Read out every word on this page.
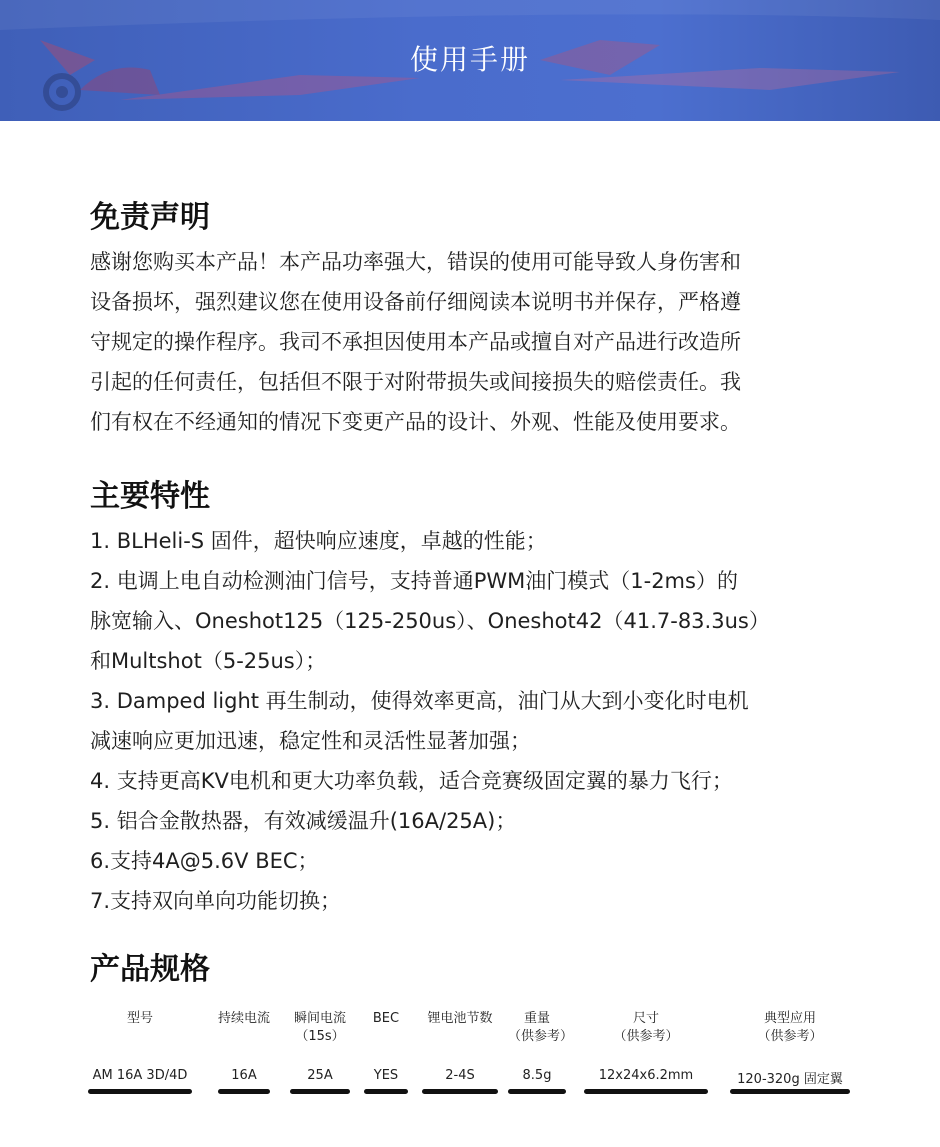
使用手册
免责声明

感谢您购买本产品！本产品功率强大，错误的使用可能导致人身伤害和
设备损坏，强烈建议您在使用设备前仔细阅读本说明书并保存，严格遵
守规定的操作程序。我司不承担因使用本产品或擅自对产品进行改造所
引起的任何责任，包括但不限于对附带损失或间接损失的赔偿责任。我
们有权在不经通知的情况下变更产品的设计、外观、性能及使用要求。

主要特性

1. BLHeli-S 固件，超快响应速度，卓越的性能；
2. 电调上电自动检测油门信号，支持普通PWM油门模式（1-2ms）的
脉宽输入、Oneshot125（125-250us）、Oneshot42（41.7-83.3us）
和Multshot（5-25us）；
3. Damped light 再生制动，使得效率更高，油门从大到小变化时电机
减速响应更加迅速，稳定性和灵活性显著加强；
4. 支持更高KV电机和更大功率负载，适合竞赛级固定翼的暴力飞行；
5. 铝合金散热器，有效减缓温升(16A/25A)；
6.支持4A@5.6V BEC；
7.支持双向单向功能切换；

产品规格
型号
AM 16A 3D/4D
持续电流
16A
瞬间电流
（15s）
25A
BEC
YES
锂电池节数
2-4S
重量
（供参考）
8.5g
尺寸
（供参考）
12x24x6.2mm
典型应用
（供参考）
120-320g 固定翼
